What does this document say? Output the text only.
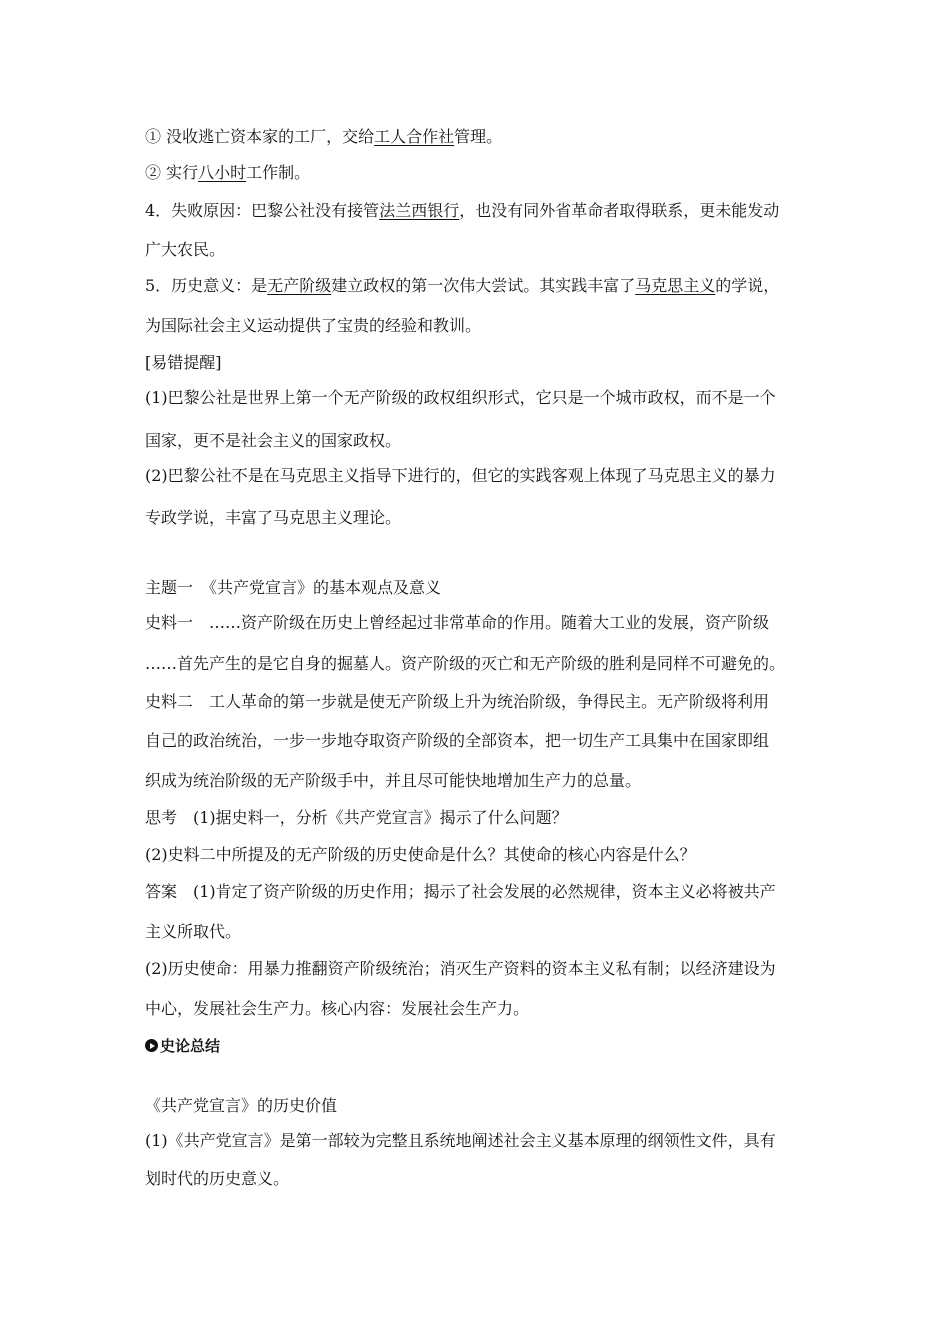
① 没收逃亡资本家的工厂，交给工人合作社管理。
② 实行八小时工作制。
4．失败原因：巴黎公社没有接管法兰西银行，也没有同外省革命者取得联系，更未能发动
广大农民。
5．历史意义：是无产阶级建立政权的第一次伟大尝试。其实践丰富了马克思主义的学说，
为国际社会主义运动提供了宝贵的经验和教训。
[易错提醒]
(1)巴黎公社是世界上第一个无产阶级的政权组织形式，它只是一个城市政权，而不是一个
国家，更不是社会主义的国家政权。
(2)巴黎公社不是在马克思主义指导下进行的，但它的实践客观上体现了马克思主义的暴力
专政学说，丰富了马克思主义理论。
主题一　《共产党宣言》的基本观点及意义
史料一　……资产阶级在历史上曾经起过非常革命的作用。随着大工业的发展，资产阶级
……首先产生的是它自身的掘墓人。资产阶级的灭亡和无产阶级的胜利是同样不可避免的。
史料二　工人革命的第一步就是使无产阶级上升为统治阶级，争得民主。无产阶级将利用
自己的政治统治，一步一步地夺取资产阶级的全部资本，把一切生产工具集中在国家即组
织成为统治阶级的无产阶级手中，并且尽可能快地增加生产力的总量。
思考　(1)据史料一，分析《共产党宣言》揭示了什么问题？
(2)史料二中所提及的无产阶级的历史使命是什么？其使命的核心内容是什么？
答案　(1)肯定了资产阶级的历史作用；揭示了社会发展的必然规律，资本主义必将被共产
主义所取代。
(2)历史使命：用暴力推翻资产阶级统治；消灭生产资料的资本主义私有制；以经济建设为
中心，发展社会生产力。核心内容：发展社会生产力。
史论总结
《共产党宣言》的历史价值
(1)《共产党宣言》是第一部较为完整且系统地阐述社会主义基本原理的纲领性文件，具有
划时代的历史意义。
